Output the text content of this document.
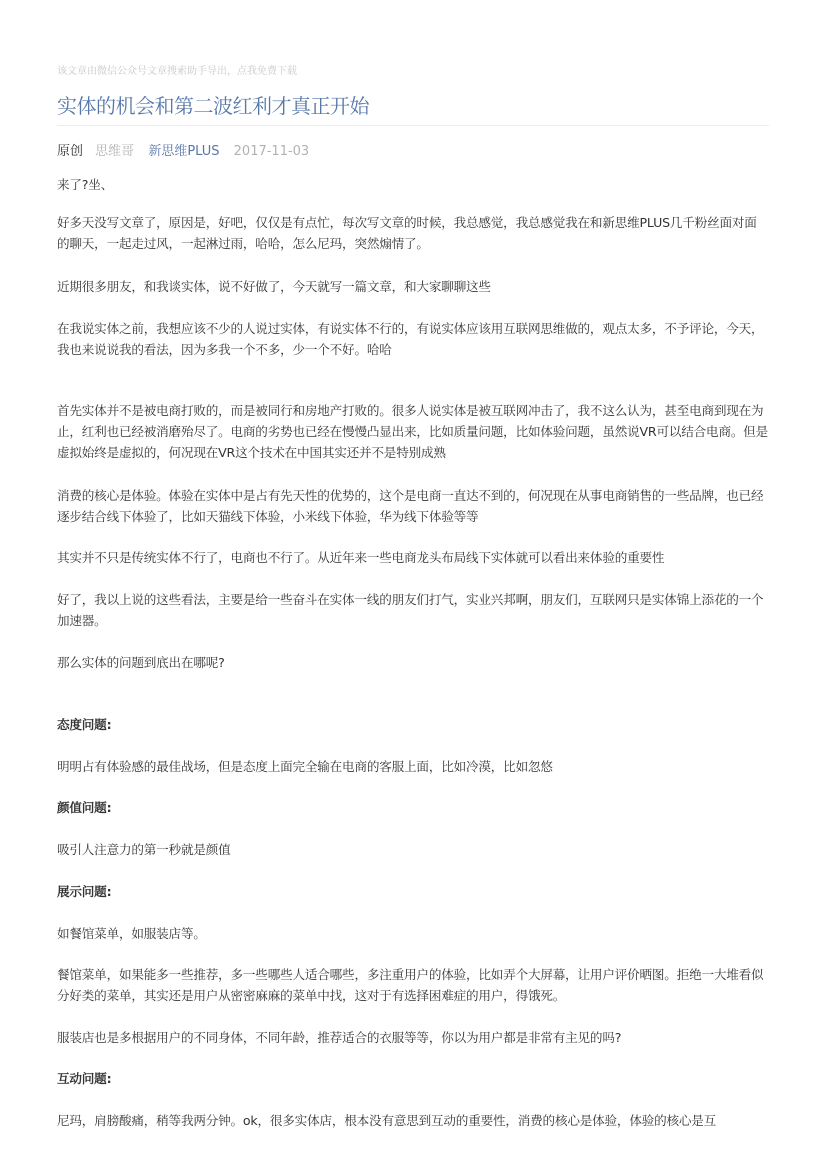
该文章由微信公众号文章搜索助手导出，点我免费下载
实体的机会和第二波红利才真正开始
原创 思维哥 新思维PLUS 2017-11-03

来了?坐、

好多天没写文章了，原因是，好吧，仅仅是有点忙，每次写文章的时候，我总感觉，我总感觉我在和新思维PLUS几千粉丝面对面的聊天，一起走过风，一起淋过雨，哈哈，怎么尼玛，突然煽情了。

近期很多朋友，和我谈实体，说不好做了，今天就写一篇文章，和大家聊聊这些

在我说实体之前，我想应该不少的人说过实体，有说实体不行的，有说实体应该用互联网思维做的，观点太多，不予评论，今天，我也来说说我的看法，因为多我一个不多，少一个不好。哈哈

首先实体并不是被电商打败的，而是被同行和房地产打败的。很多人说实体是被互联网冲击了，我不这么认为，甚至电商到现在为止，红利也已经被消磨殆尽了。电商的劣势也已经在慢慢凸显出来，比如质量问题，比如体验问题，虽然说VR可以结合电商。但是虚拟始终是虚拟的，何况现在VR这个技术在中国其实还并不是特别成熟

消费的核心是体验。体验在实体中是占有先天性的优势的，这个是电商一直达不到的，何况现在从事电商销售的一些品牌，也已经逐步结合线下体验了，比如天猫线下体验，小米线下体验，华为线下体验等等

其实并不只是传统实体不行了，电商也不行了。从近年来一些电商龙头布局线下实体就可以看出来体验的重要性

好了，我以上说的这些看法，主要是给一些奋斗在实体一线的朋友们打气，实业兴邦啊，朋友们，互联网只是实体锦上添花的一个加速器。

那么实体的问题到底出在哪呢?

态度问题:

明明占有体验感的最佳战场，但是态度上面完全输在电商的客服上面，比如冷漠，比如忽悠

颜值问题:

吸引人注意力的第一秒就是颜值

展示问题:

如餐馆菜单，如服装店等。

餐馆菜单，如果能多一些推荐，多一些哪些人适合哪些，多注重用户的体验，比如弄个大屏幕，让用户评价晒图。拒绝一大堆看似分好类的菜单，其实还是用户从密密麻麻的菜单中找，这对于有选择困难症的用户，得饿死。

服装店也是多根据用户的不同身体，不同年龄，推荐适合的衣服等等，你以为用户都是非常有主见的吗?

互动问题:

尼玛，肩膀酸痛，稍等我两分钟。ok，很多实体店，根本没有意思到互动的重要性，消费的核心是体验，体验的核心是互
